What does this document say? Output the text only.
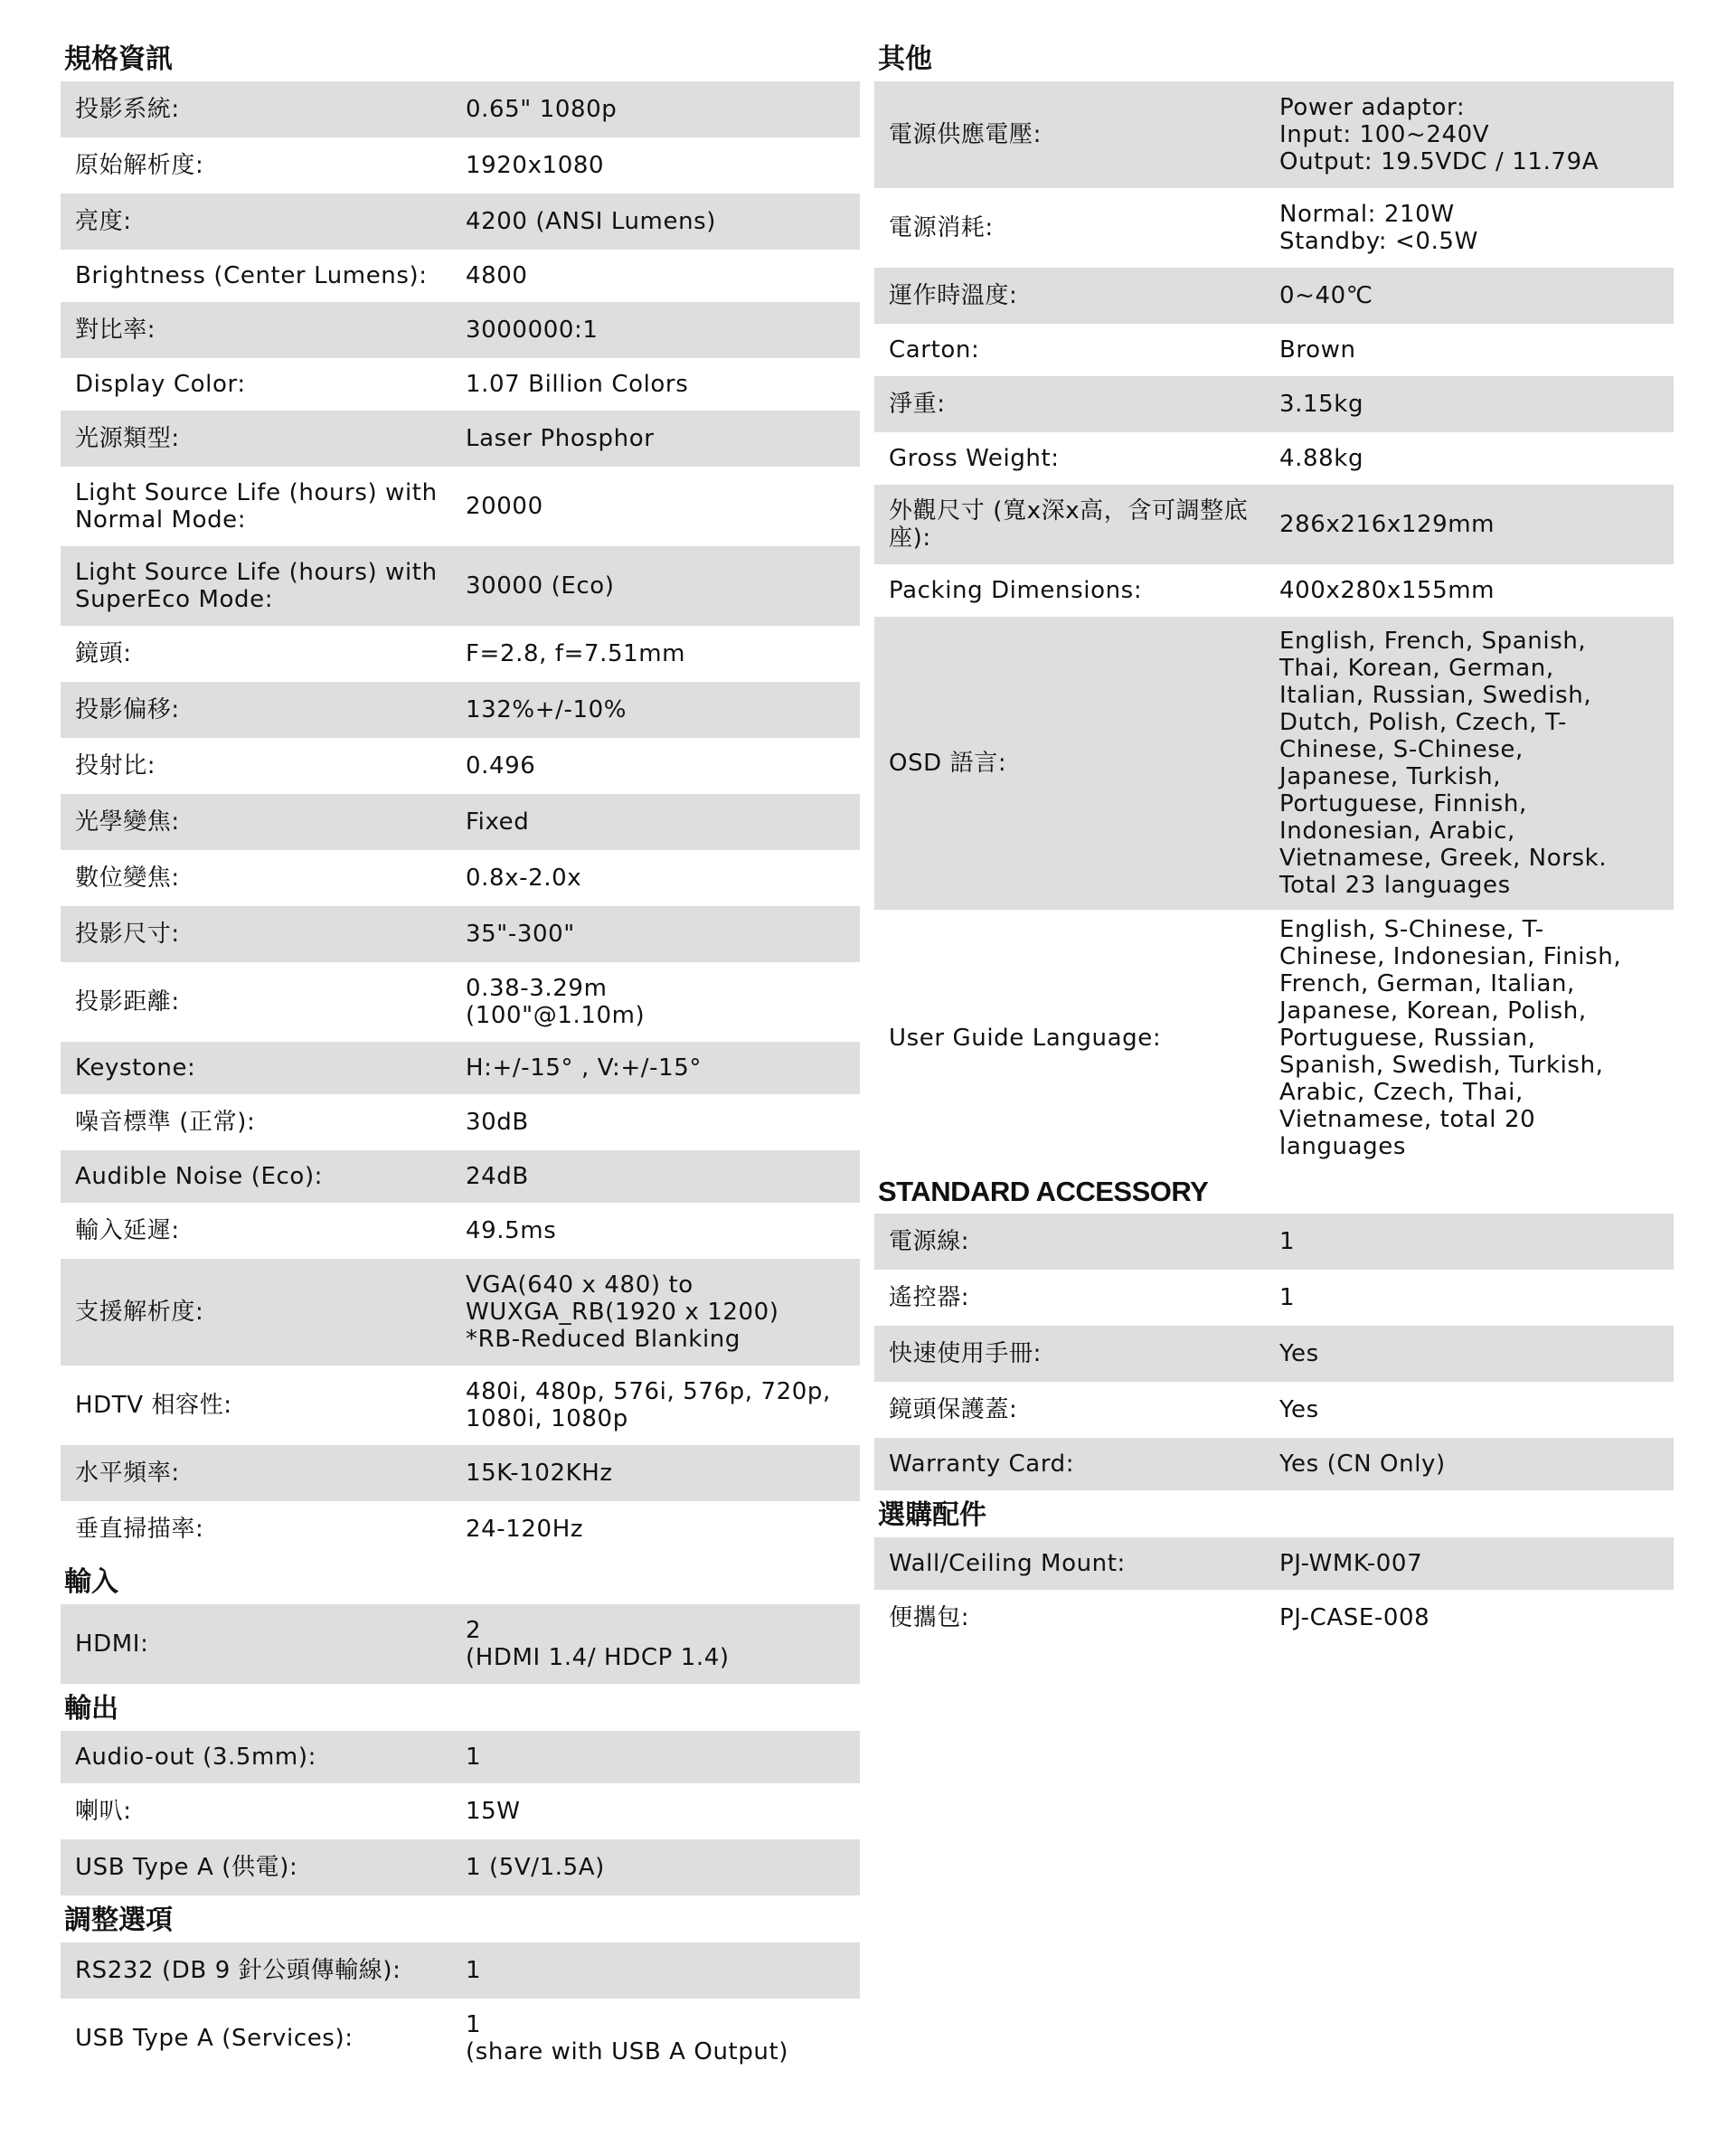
規格資訊
投影系統:	0.65" 1080p
原始解析度:	1920x1080
亮度:	4200 (ANSI Lumens)
Brightness (Center Lumens):	4800
對比率:	3000000:1
Display Color:	1.07 Billion Colors
光源類型:	Laser Phosphor
Light Source Life (hours) with Normal Mode:	20000
Light Source Life (hours) with SuperEco Mode:	30000 (Eco)
鏡頭:	F=2.8, f=7.51mm
投影偏移:	132%+/-10%
投射比:	0.496
光學變焦:	Fixed
數位變焦:	0.8x-2.0x
投影尺寸:	35"-300"
投影距離:	0.38-3.29m
(100"@1.10m)
Keystone:	H:+/-15° , V:+/-15°
噪音標準 (正常):	30dB
Audible Noise (Eco):	24dB
輸入延遲:	49.5ms
支援解析度:
VGA(640 x 480) to
WUXGA_RB(1920 x 1200)
*RB-Reduced Blanking
HDTV 相容性:	480i, 480p, 576i, 576p, 720p,
1080i, 1080p
水平頻率:	15K-102KHz
垂直掃描率:	24-120Hz
輸入
HDMI:	2
(HDMI 1.4/ HDCP 1.4)
輸出
Audio-out (3.5mm):	1
喇叭:	15W
USB Type A (供電):	1 (5V/1.5A)
調整選項
RS232 (DB 9 針公頭傳輸線):	1
USB Type A (Services):	1
(share with USB A Output)
其他
電源供應電壓:
Power adaptor:
Input: 100~240V
Output: 19.5VDC / 11.79A
電源消耗:	Normal: 210W
Standby: <0.5W
運作時溫度:	0~40℃
Carton:	Brown
淨重:	3.15kg
Gross Weight:	4.88kg
外觀尺寸 (寬x深x高，含可調整底 座):	286x216x129mm
Packing Dimensions:	400x280x155mm
OSD 語言:
English, French, Spanish,
Thai, Korean, German,
Italian, Russian, Swedish,
Dutch, Polish, Czech, T-
Chinese, S-Chinese,
Japanese, Turkish,
Portuguese, Finnish,
Indonesian, Arabic,
Vietnamese, Greek, Norsk.
Total 23 languages
User Guide Language:
English, S-Chinese, T-
Chinese, Indonesian, Finish,
French, German, Italian,
Japanese, Korean, Polish,
Portuguese, Russian,
Spanish, Swedish, Turkish,
Arabic, Czech, Thai,
Vietnamese, total 20
languages
STANDARD ACCESSORY
電源線:	1
遙控器:	1
快速使用手冊:	Yes
鏡頭保護蓋:	Yes
Warranty Card:	Yes (CN Only)
選購配件
Wall/Ceiling Mount:	PJ-WMK-007
便攜包:	PJ-CASE-008
